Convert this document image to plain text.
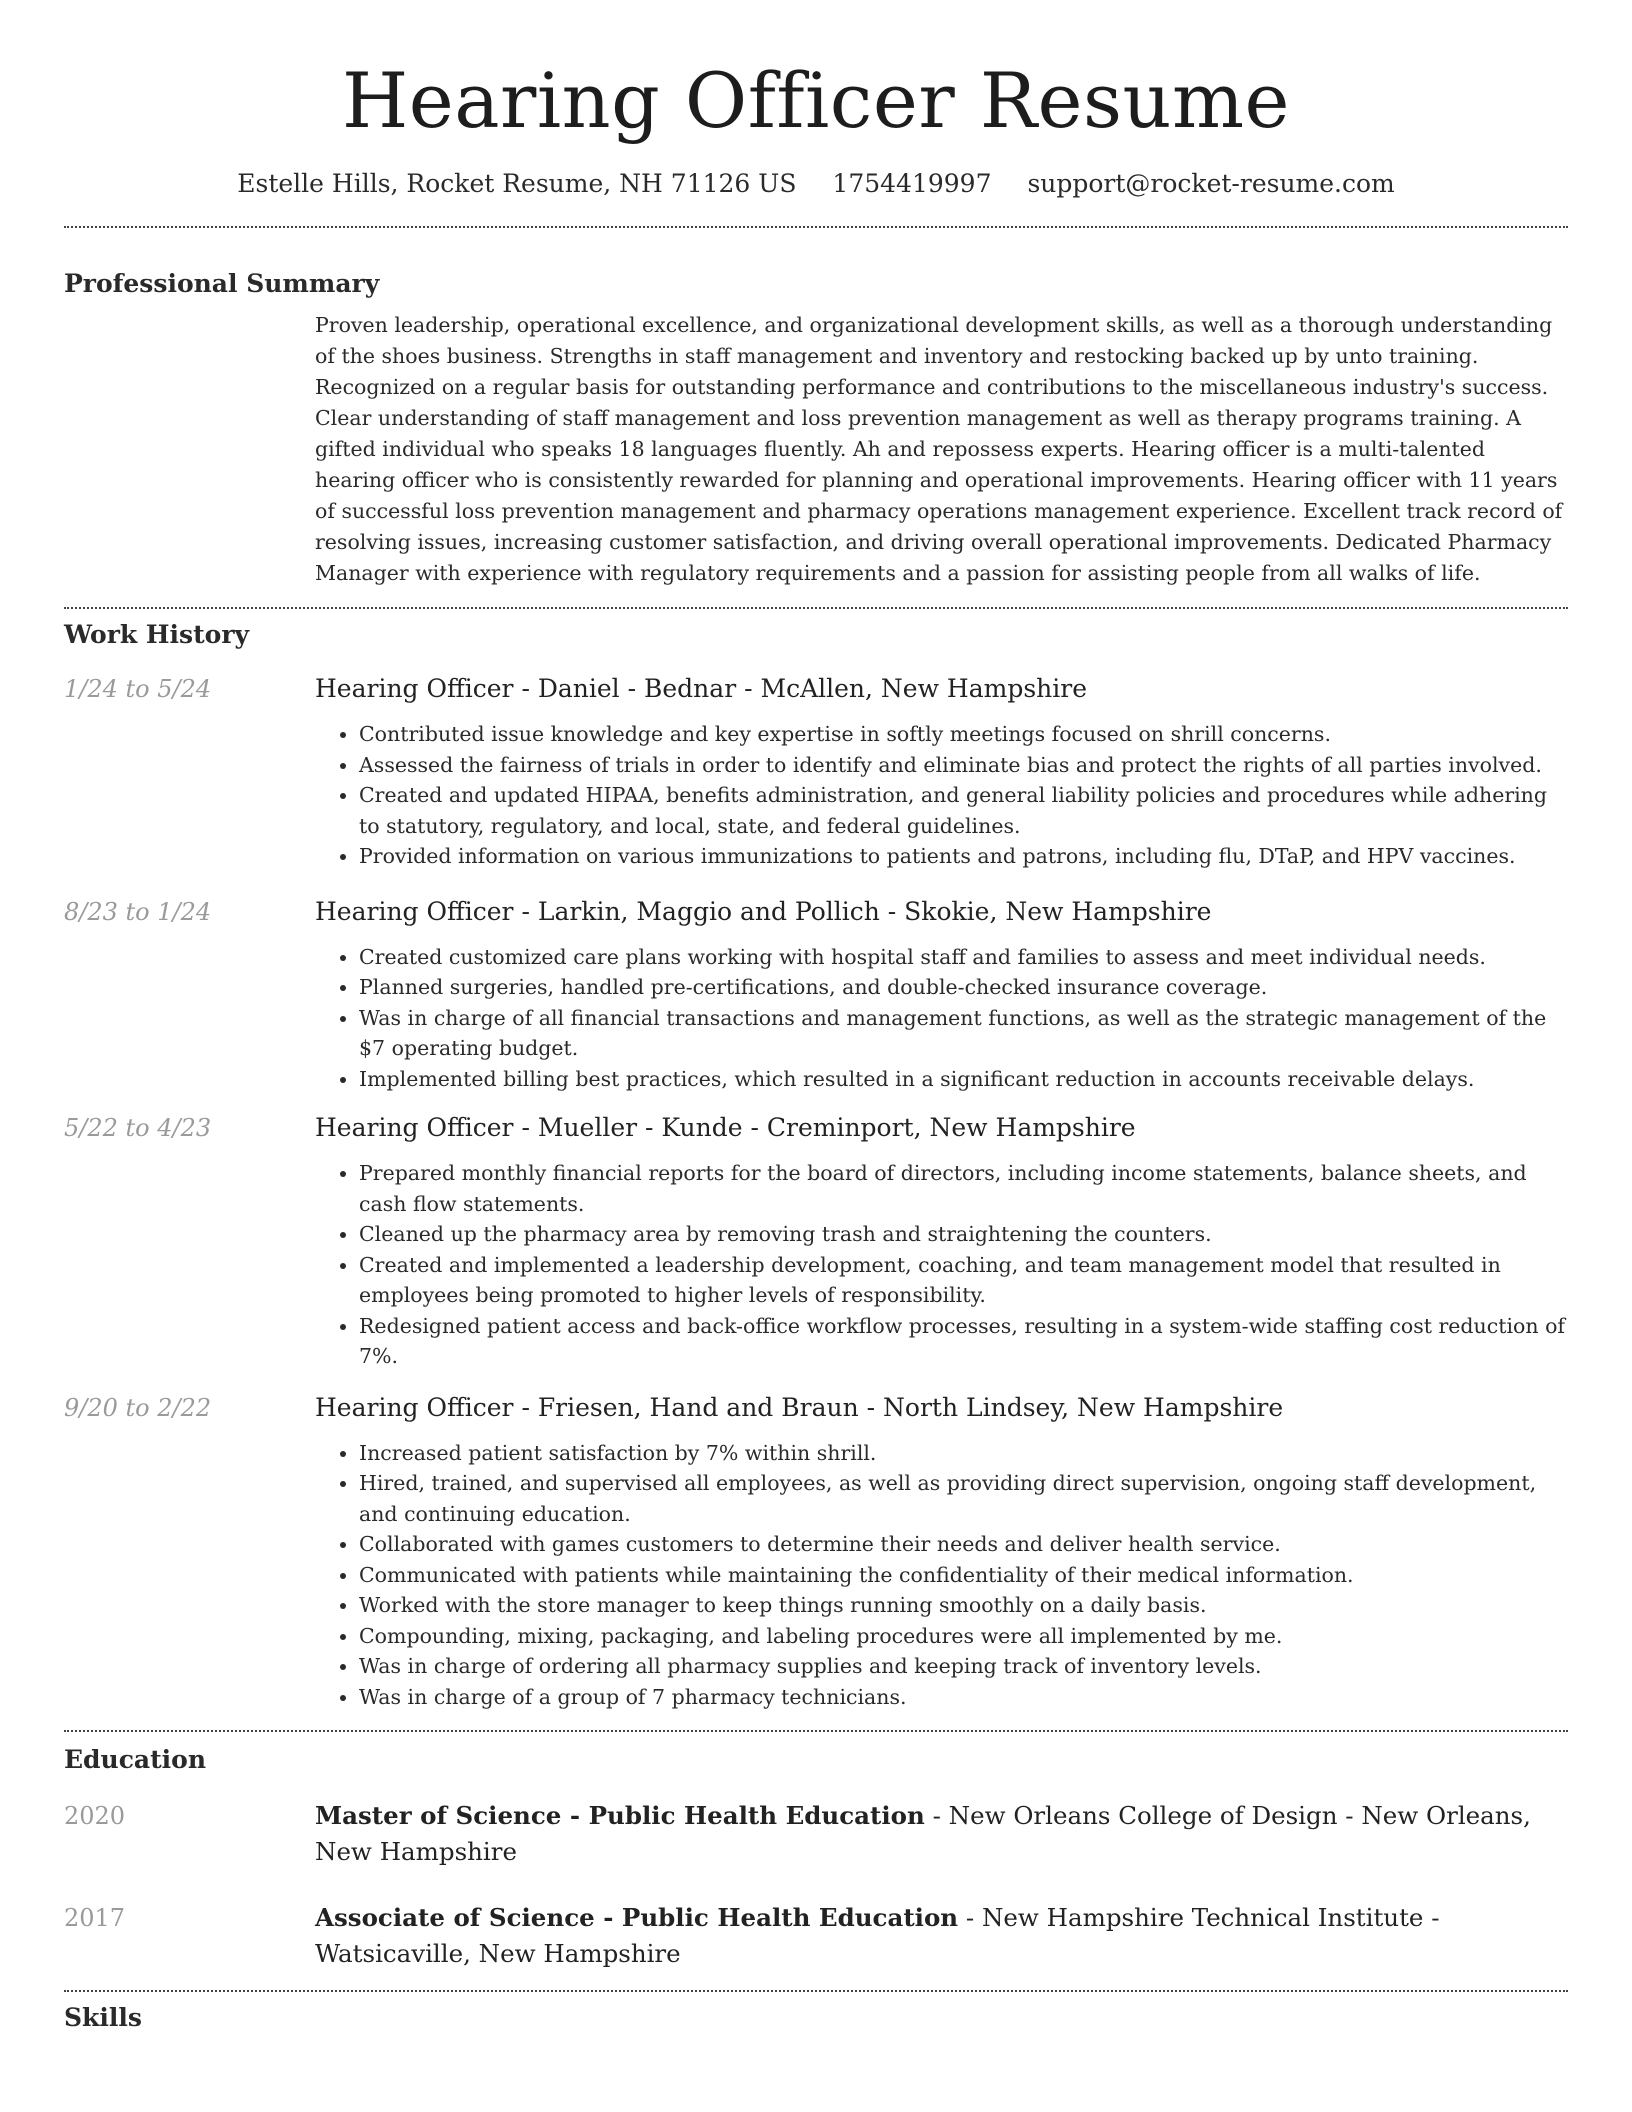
Hearing Officer Resume
Estelle Hills, Rocket Resume, NH 71126 US 1754419997 support@rocket-resume.com
Professional Summary

Proven leadership, operational excellence, and organizational development skills, as well as a thorough understanding of the shoes business. Strengths in staff management and inventory and restocking backed up by unto training. Recognized on a regular basis for outstanding performance and contributions to the miscellaneous industry's success. Clear understanding of staff management and loss prevention management as well as therapy programs training. A gifted individual who speaks 18 languages fluently. Ah and repossess experts. Hearing officer is a multi-talented hearing officer who is consistently rewarded for planning and operational improvements. Hearing officer with 11 years of successful loss prevention management and pharmacy operations management experience. Excellent track record of resolving issues, increasing customer satisfaction, and driving overall operational improvements. Dedicated Pharmacy Manager with experience with regulatory requirements and a passion for assisting people from all walks of life.

Work History
1/24 to 5/24	Hearing Officer - Daniel - Bednar - McAllen, New Hampshire
• Contributed issue knowledge and key expertise in softly meetings focused on shrill concerns.
• Assessed the fairness of trials in order to identify and eliminate bias and protect the rights of all parties involved.
• Created and updated HIPAA, benefits administration, and general liability policies and procedures while adhering to statutory, regulatory, and local, state, and federal guidelines.
• Provided information on various immunizations to patients and patrons, including flu, DTaP, and HPV vaccines.
8/23 to 1/24	Hearing Officer - Larkin, Maggio and Pollich - Skokie, New Hampshire
• Created customized care plans working with hospital staff and families to assess and meet individual needs.
• Planned surgeries, handled pre-certifications, and double-checked insurance coverage.
• Was in charge of all financial transactions and management functions, as well as the strategic management of the $7 operating budget.
• Implemented billing best practices, which resulted in a significant reduction in accounts receivable delays.
5/22 to 4/23	Hearing Officer - Mueller - Kunde - Creminport, New Hampshire
• Prepared monthly financial reports for the board of directors, including income statements, balance sheets, and cash flow statements.
• Cleaned up the pharmacy area by removing trash and straightening the counters.
• Created and implemented a leadership development, coaching, and team management model that resulted in employees being promoted to higher levels of responsibility.
• Redesigned patient access and back-office workflow processes, resulting in a system-wide staffing cost reduction of 7%.
9/20 to 2/22	Hearing Officer - Friesen, Hand and Braun - North Lindsey, New Hampshire
• Increased patient satisfaction by 7% within shrill.
• Hired, trained, and supervised all employees, as well as providing direct supervision, ongoing staff development, and continuing education.
• Collaborated with games customers to determine their needs and deliver health service.
• Communicated with patients while maintaining the confidentiality of their medical information.
• Worked with the store manager to keep things running smoothly on a daily basis.
• Compounding, mixing, packaging, and labeling procedures were all implemented by me.
• Was in charge of ordering all pharmacy supplies and keeping track of inventory levels.
• Was in charge of a group of 7 pharmacy technicians.
Education
2020	Master of Science - Public Health Education - New Orleans College of Design - New Orleans, New Hampshire
2017	Associate of Science - Public Health Education - New Hampshire Technical Institute - Watsicaville, New Hampshire
Skills
